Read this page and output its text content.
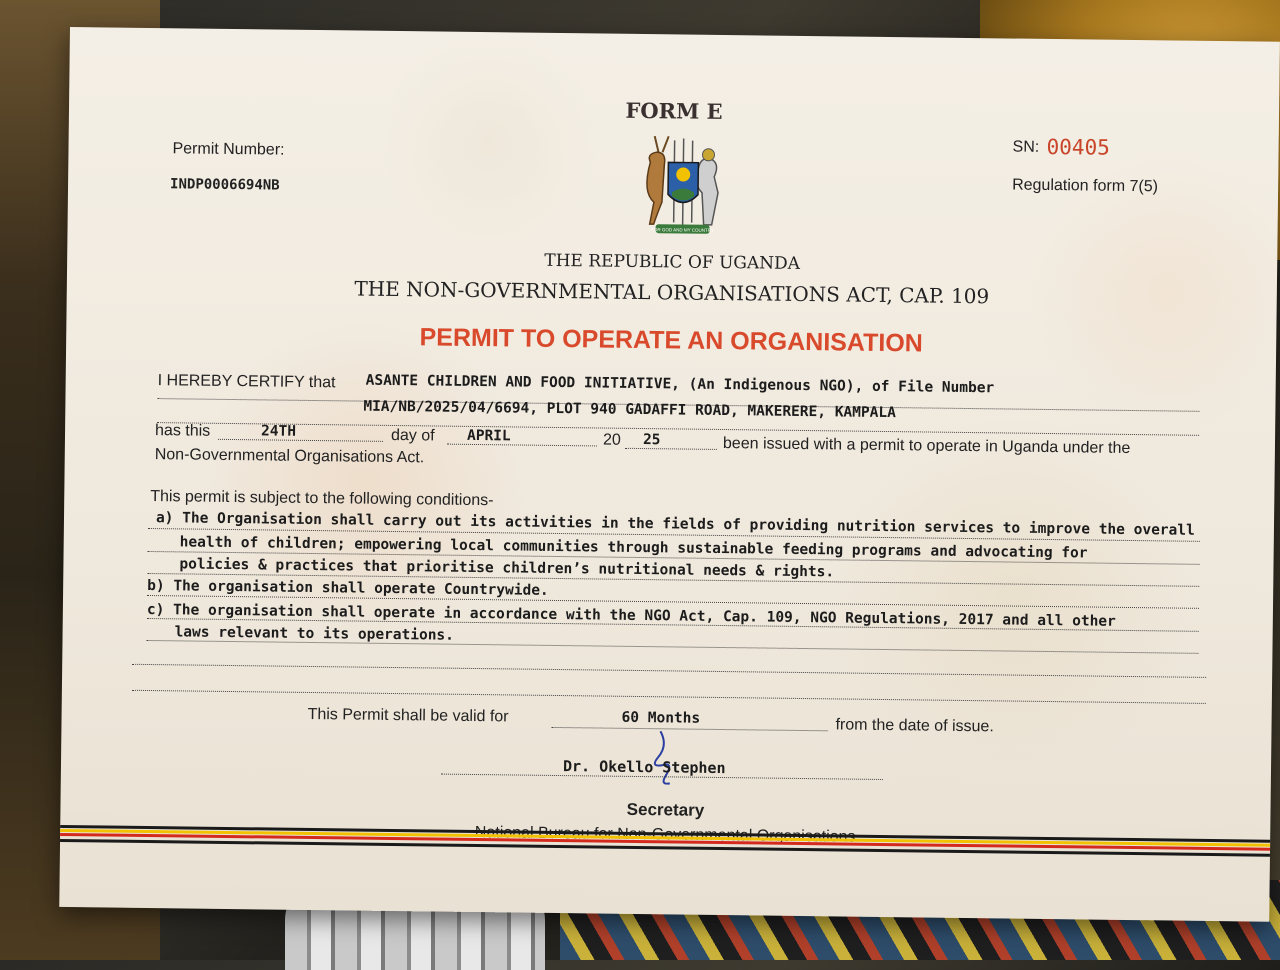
FORM E
Permit Number:
INDP0006694NB
SN: 00405
Regulation form 7(5)
FOR GOD AND MY COUNTRY
THE REPUBLIC OF UGANDA
THE NON-GOVERNMENTAL ORGANISATIONS ACT, CAP. 109
PERMIT TO OPERATE AN ORGANISATION
I HEREBY CERTIFY that ASANTE CHILDREN AND FOOD INITIATIVE, (An Indigenous NGO), of File Number
MIA/NB/2025/04/6694, PLOT 940 GADAFFI ROAD, MAKERERE, KAMPALA
has this	24TH	day of APRIL	20 25	been issued with a permit to operate in Uganda under the
Non-Governmental Organisations Act.
This permit is subject to the following conditions-
a) The Organisation shall carry out its activities in the fields of providing nutrition services to improve the overall
health of children; empowering local communities through sustainable feeding programs and advocating for
policies & practices that prioritise children’s nutritional needs & rights.
b) The organisation shall operate Countrywide.
c) The organisation shall operate in accordance with the NGO Act, Cap. 109, NGO Regulations, 2017 and all other
laws relevant to its operations.
This Permit shall be valid for	60 Months	from the date of issue.
Dr. Okello Stephen
Secretary
